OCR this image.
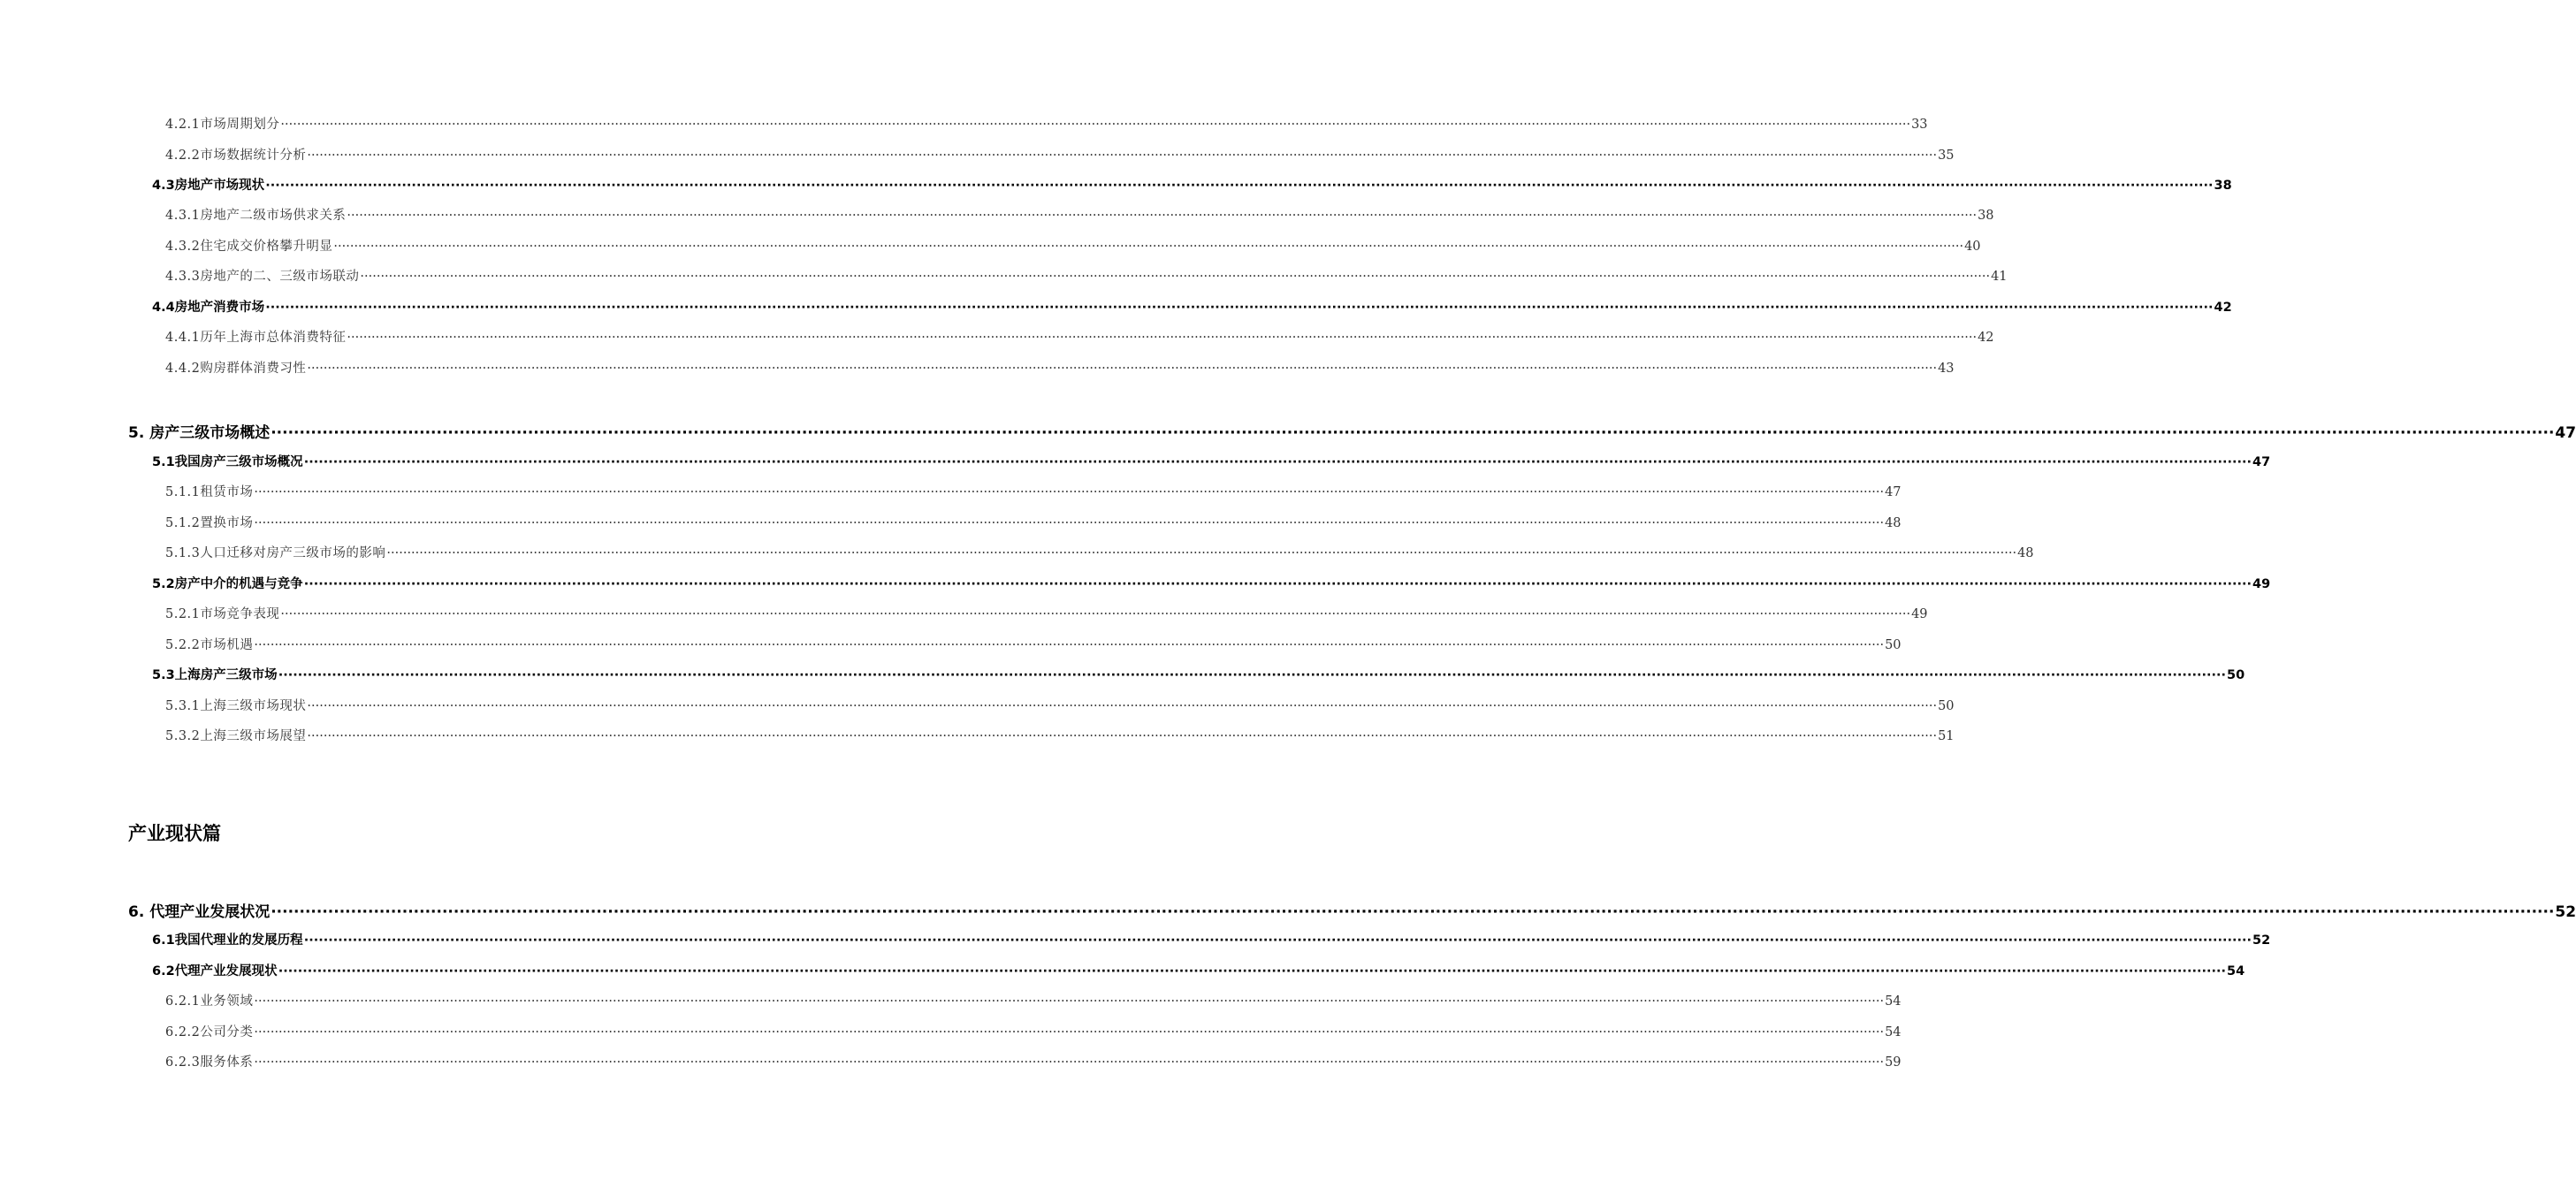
4.2.1市场周期划分 ················································································································································································································································································································································································································ 33
4.2.2市场数据统计分析 ················································································································································································································································································································································································································ 35
4.3房地产市场现状 ················································································································································································································································································································································································································ 38
4.3.1房地产二级市场供求关系 ················································································································································································································································································································································································································ 38
4.3.2住宅成交价格攀升明显 ················································································································································································································································································································································································································ 40
4.3.3房地产的二、三级市场联动 ················································································································································································································································································································································································································ 41
4.4房地产消费市场 ················································································································································································································································································································································································································ 42
4.4.1历年上海市总体消费特征 ················································································································································································································································································································································································································ 42
4.4.2购房群体消费习性 ················································································································································································································································································································································································································ 43
5. 房产三级市场概述 ················································································································································································································································································································································································································ 47
5.1我国房产三级市场概况 ················································································································································································································································································································································································································ 47
5.1.1租赁市场 ················································································································································································································································································································································································································ 47
5.1.2置换市场 ················································································································································································································································································································································································································ 48
5.1.3人口迁移对房产三级市场的影响 ················································································································································································································································································································································································································ 48
5.2房产中介的机遇与竞争 ················································································································································································································································································································································································································ 49
5.2.1市场竞争表现 ················································································································································································································································································································································································································ 49
5.2.2市场机遇 ················································································································································································································································································································································································································ 50
5.3上海房产三级市场 ················································································································································································································································································································································································································ 50
5.3.1上海三级市场现状 ················································································································································································································································································································································································································ 50
5.3.2上海三级市场展望 ················································································································································································································································································································································································································ 51
产业现状篇
6. 代理产业发展状况 ················································································································································································································································································································································································································ 52
6.1我国代理业的发展历程 ················································································································································································································································································································································································································ 52
6.2代理产业发展现状 ················································································································································································································································································································································································································ 54
6.2.1业务领域 ················································································································································································································································································································································································································ 54
6.2.2公司分类 ················································································································································································································································································································································································································ 54
6.2.3服务体系 ················································································································································································································································································································································································································ 59
